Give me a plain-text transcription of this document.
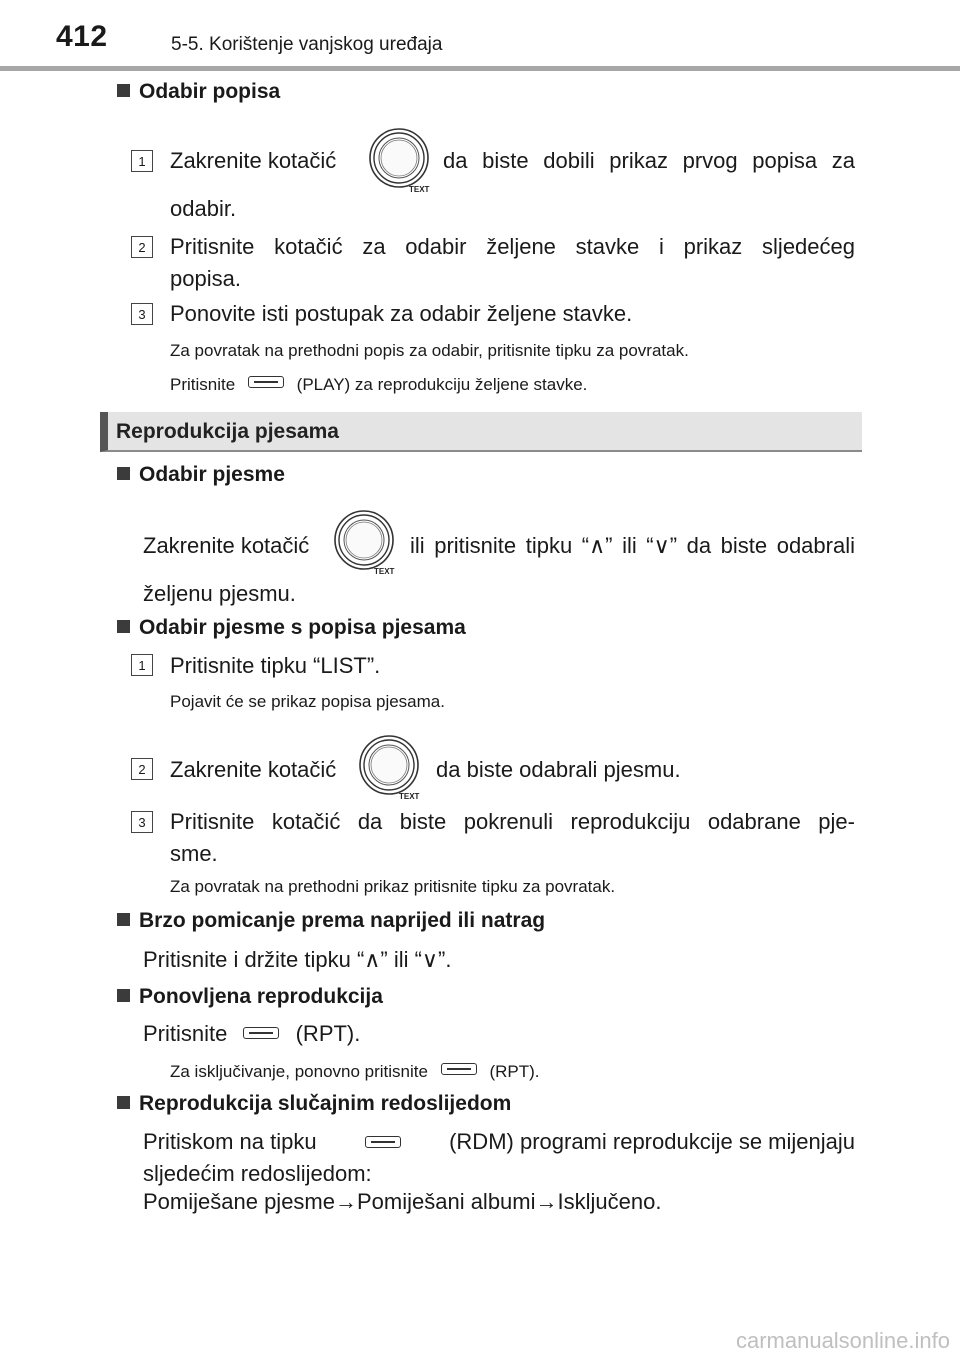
412	5-5. Korištenje vanjskog uređaja
Odabir popisa
1	Zakrenite kotačić
TEXT
da biste dobili prikaz prvog popisa za
odabir.
2	Pritisnite kotačić za odabir željene stavke i prikaz sljedećeg
popisa.
3	Ponovite isti postupak za odabir željene stavke.
Za povratak na prethodni popis za odabir, pritisnite tipku za povratak.
Pritisnite	(PLAY) za reprodukciju željene stavke.
Reprodukcija pjesama
Odabir pjesme
Zakrenite kotačić
TEXT
ili pritisnite tipku “∧” ili “∨” da biste odabrali
željenu pjesmu.
Odabir pjesme s popisa pjesama
1	Pritisnite tipku “LIST”.
Pojavit će se prikaz popisa pjesama.
2	Zakrenite kotačić
TEXT
da biste odabrali pjesmu.
3	Pritisnite kotačić da biste pokrenuli reprodukciju odabrane pje-
sme.
Za povratak na prethodni prikaz pritisnite tipku za povratak.
Brzo pomicanje prema naprijed ili natrag
Pritisnite i držite tipku “∧” ili “∨”.
Ponovljena reprodukcija
Pritisnite	(RPT).
Za isključivanje, ponovno pritisnite	(RPT).
Reprodukcija slučajnim redoslijedom
Pritiskom na tipku	(RDM) programi reprodukcije se mijenjaju
sljedećim redoslijedom:
Pomiješane pjesme→Pomiješani albumi→Isključeno.
carmanualsonline.info
